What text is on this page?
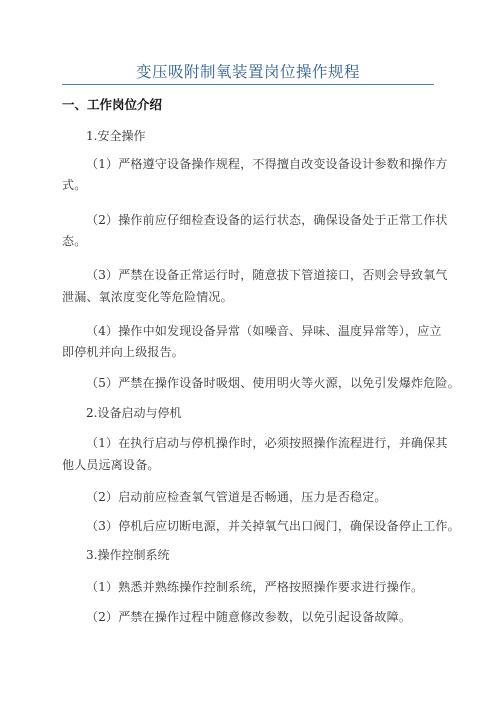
变压吸附制氧装置岗位操作规程
一、工作岗位介绍
1.安全操作
（1）严格遵守设备操作规程，不得擅自改变设备设计参数和操作方
式。
（2）操作前应仔细检查设备的运行状态，确保设备处于正常工作状
态。
（3）严禁在设备正常运行时，随意拔下管道接口，否则会导致氧气
泄漏、氧浓度变化等危险情况。
（4）操作中如发现设备异常（如噪音、异味、温度异常等），应立
即停机并向上级报告。
（5）严禁在操作设备时吸烟、使用明火等火源，以免引发爆炸危险。
2.设备启动与停机
（1）在执行启动与停机操作时，必须按照操作流程进行，并确保其
他人员远离设备。
（2）启动前应检查氧气管道是否畅通，压力是否稳定。
（3）停机后应切断电源，并关掉氧气出口阀门，确保设备停止工作。
3.操作控制系统
（1）熟悉并熟练操作控制系统，严格按照操作要求进行操作。
（2）严禁在操作过程中随意修改参数，以免引起设备故障。
